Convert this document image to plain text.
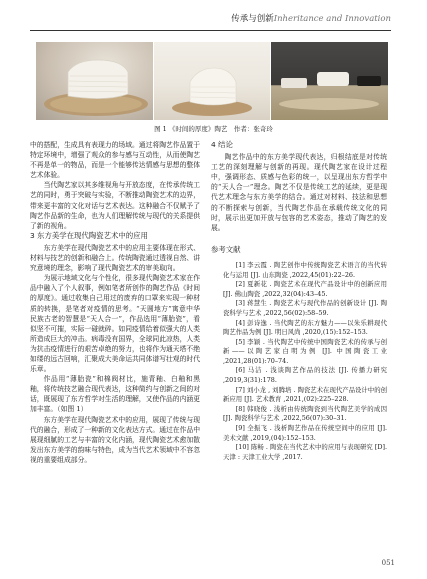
传承与创新Inheritance and Innovation
图 1 《时间的厚度》陶艺　作者：张奇玲

中的搭配，生成具有表现力的场域。通过将陶艺作品置于特定环境中，增强了观众的参与感与互动性，从而使陶艺不再是单一的物品，而是一个能够传达情感与思想的整体艺术体验。

当代陶艺家以其多维视角与开放态度，在传承传统工艺的同时，勇于突破与实验，不断推动陶瓷艺术的边界，带来更丰富的文化对话与艺术表达。这种融合不仅赋予了陶艺作品新的生命，也为人们理解传统与现代的关系提供了新的视角。

3 东方美学在现代陶瓷艺术中的应用

东方美学在现代陶瓷艺术中的应用主要体现在形式、材料与技艺的创新和融合上。传统陶瓷通过透视自然、讲究意境的理念，影响了现代陶瓷艺术的审美取向。

为展示地域文化与个性化，很多现代陶瓷艺术家在作品中融入了个人叙事，例如笔者所创作的陶艺作品《时间的厚度》。通过收集自己用过的废弃的口罩来实现一种材质的转换，是笔者对疫情的思考。“天圆地方”寓意中华民族古老的智慧是“天人合一”，作品选用“薄胎瓷”，看似坚不可摧，实际一碰就碎。如同疫情给着似强大的人类所造成巨大的冲击。病毒没有国界，全球同此凉热，人类为抗击疫情进行的艰苦卓绝的努力，也将作为通天塔不绝如缕的远古回响，汇聚成大美命运共同体谱写壮观的时代乐章。

作品用“薄胎瓷”和棉阀材比，施青釉、白釉和黑釉，将传统技艺融合现代表达，这种简约与创新之间的对话，既展现了东方哲学对生活的理解，又使作品的内涵更加丰富。（如图 1）

东方美学在现代陶瓷艺术中的应用，展现了传统与现代的融合，形成了一种新的文化表达方式。通过在作品中展现细腻的工艺与丰富的文化内涵，现代陶瓷艺术愈加散发出东方美学的韵味与特色，成为当代艺术领域中不容忽视的重要组成部分。

4 结论

陶艺作品中的东方美学现代表达，归根结底是对传统工艺的深刻理解与创新的再现。现代陶艺家在设计过程中，强调形态、质感与色彩的统一，以呈现出东方哲学中的“天人合一”理念。陶艺不仅是传统工艺的延续，更是现代艺术理念与东方美学的结合。通过对材料、技法和思想的不断探索与创新，当代陶艺作品在承载传统文化的同时，展示出更加开放与包容的艺术姿态，推动了陶艺的发展。

参考文献

[1] 李云霞 . 陶艺创作中传统陶瓷艺术语言的当代转化与运用 [J]. 山东陶瓷 ,2022,45(01):22–26.

[2] 夏新花 . 陶瓷艺术在现代产品设计中的创新应用 [J]. 佛山陶瓷 ,2022,32(04):43–45.

[3] 蒋慧生 . 陶瓷艺术与现代作品的创新设计 [J]. 陶瓷科学与艺术 ,2022,56(02):58–59.

[4] 彭诗逸 . 当代陶艺的东方魅力——以朱乐耕现代陶艺作品为例 [J]. 明日风尚 ,2020,(15):152–153.

[5] 李颖 . 当代陶艺中传统中国陶瓷艺术的传承与创新——以陶艺家白明为例 [J]. 中国陶瓷工业 ,2021,28(01):70–74.

[6] 马洁 . 浅谈陶艺作品的技法 [J]. 传播力研究 ,2019,3(31):178.

[7] 刘小龙 , 刘腾培 . 陶瓷艺术在现代产品设计中的创新应用 [J]. 艺术教育 ,2021,(02):225–228.

[8] 韩晓俊 . 浅析由传统陶瓷到当代陶艺美学的成因 [J]. 陶瓷科学与艺术 ,2022,56(07):30–31.

[9] 全振飞 . 浅析陶艺作品在传统空间中的应用 [J]. 美术文献 ,2019,(04):152–153.

[10] 陈畅 . 陶瓷在当代艺术中的应用与表现研究 [D]. 天津 : 天津工业大学 ,2017.

051
